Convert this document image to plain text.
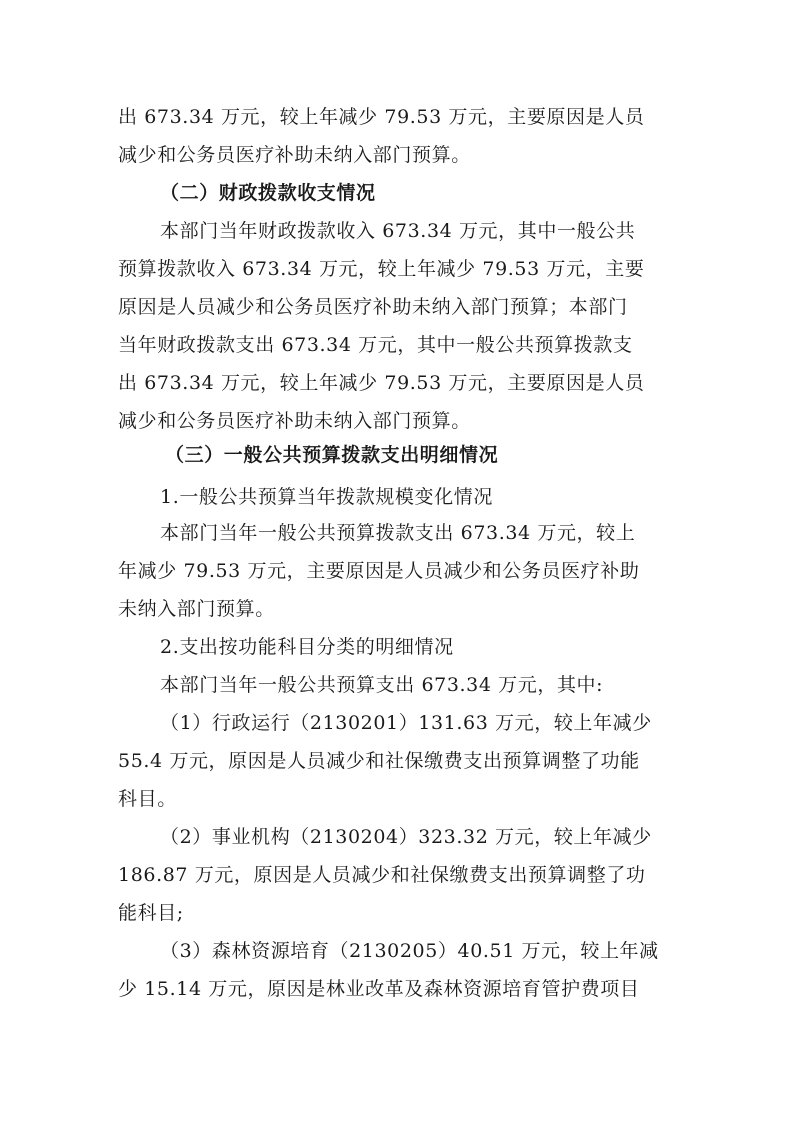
出 673.34 万元，较上年减少 79.53 万元，主要原因是人员
减少和公务员医疗补助未纳入部门预算。
（二）财政拨款收支情况
本部门当年财政拨款收入 673.34 万元，其中一般公共
预算拨款收入 673.34 万元，较上年减少 79.53 万元，主要
原因是人员减少和公务员医疗补助未纳入部门预算；本部门
当年财政拨款支出 673.34 万元，其中一般公共预算拨款支
出 673.34 万元，较上年减少 79.53 万元，主要原因是人员
减少和公务员医疗补助未纳入部门预算。
（三）一般公共预算拨款支出明细情况
1.一般公共预算当年拨款规模变化情况
本部门当年一般公共预算拨款支出 673.34 万元，较上
年减少 79.53 万元，主要原因是人员减少和公务员医疗补助
未纳入部门预算。
2.支出按功能科目分类的明细情况
本部门当年一般公共预算支出 673.34 万元，其中:
（1）行政运行（2130201）131.63 万元，较上年减少
55.4 万元，原因是人员减少和社保缴费支出预算调整了功能
科目。
（2）事业机构（2130204）323.32 万元，较上年减少
186.87 万元，原因是人员减少和社保缴费支出预算调整了功
能科目;
（3）森林资源培育（2130205）40.51 万元，较上年减
少 15.14 万元，原因是林业改革及森林资源培育管护费项目
